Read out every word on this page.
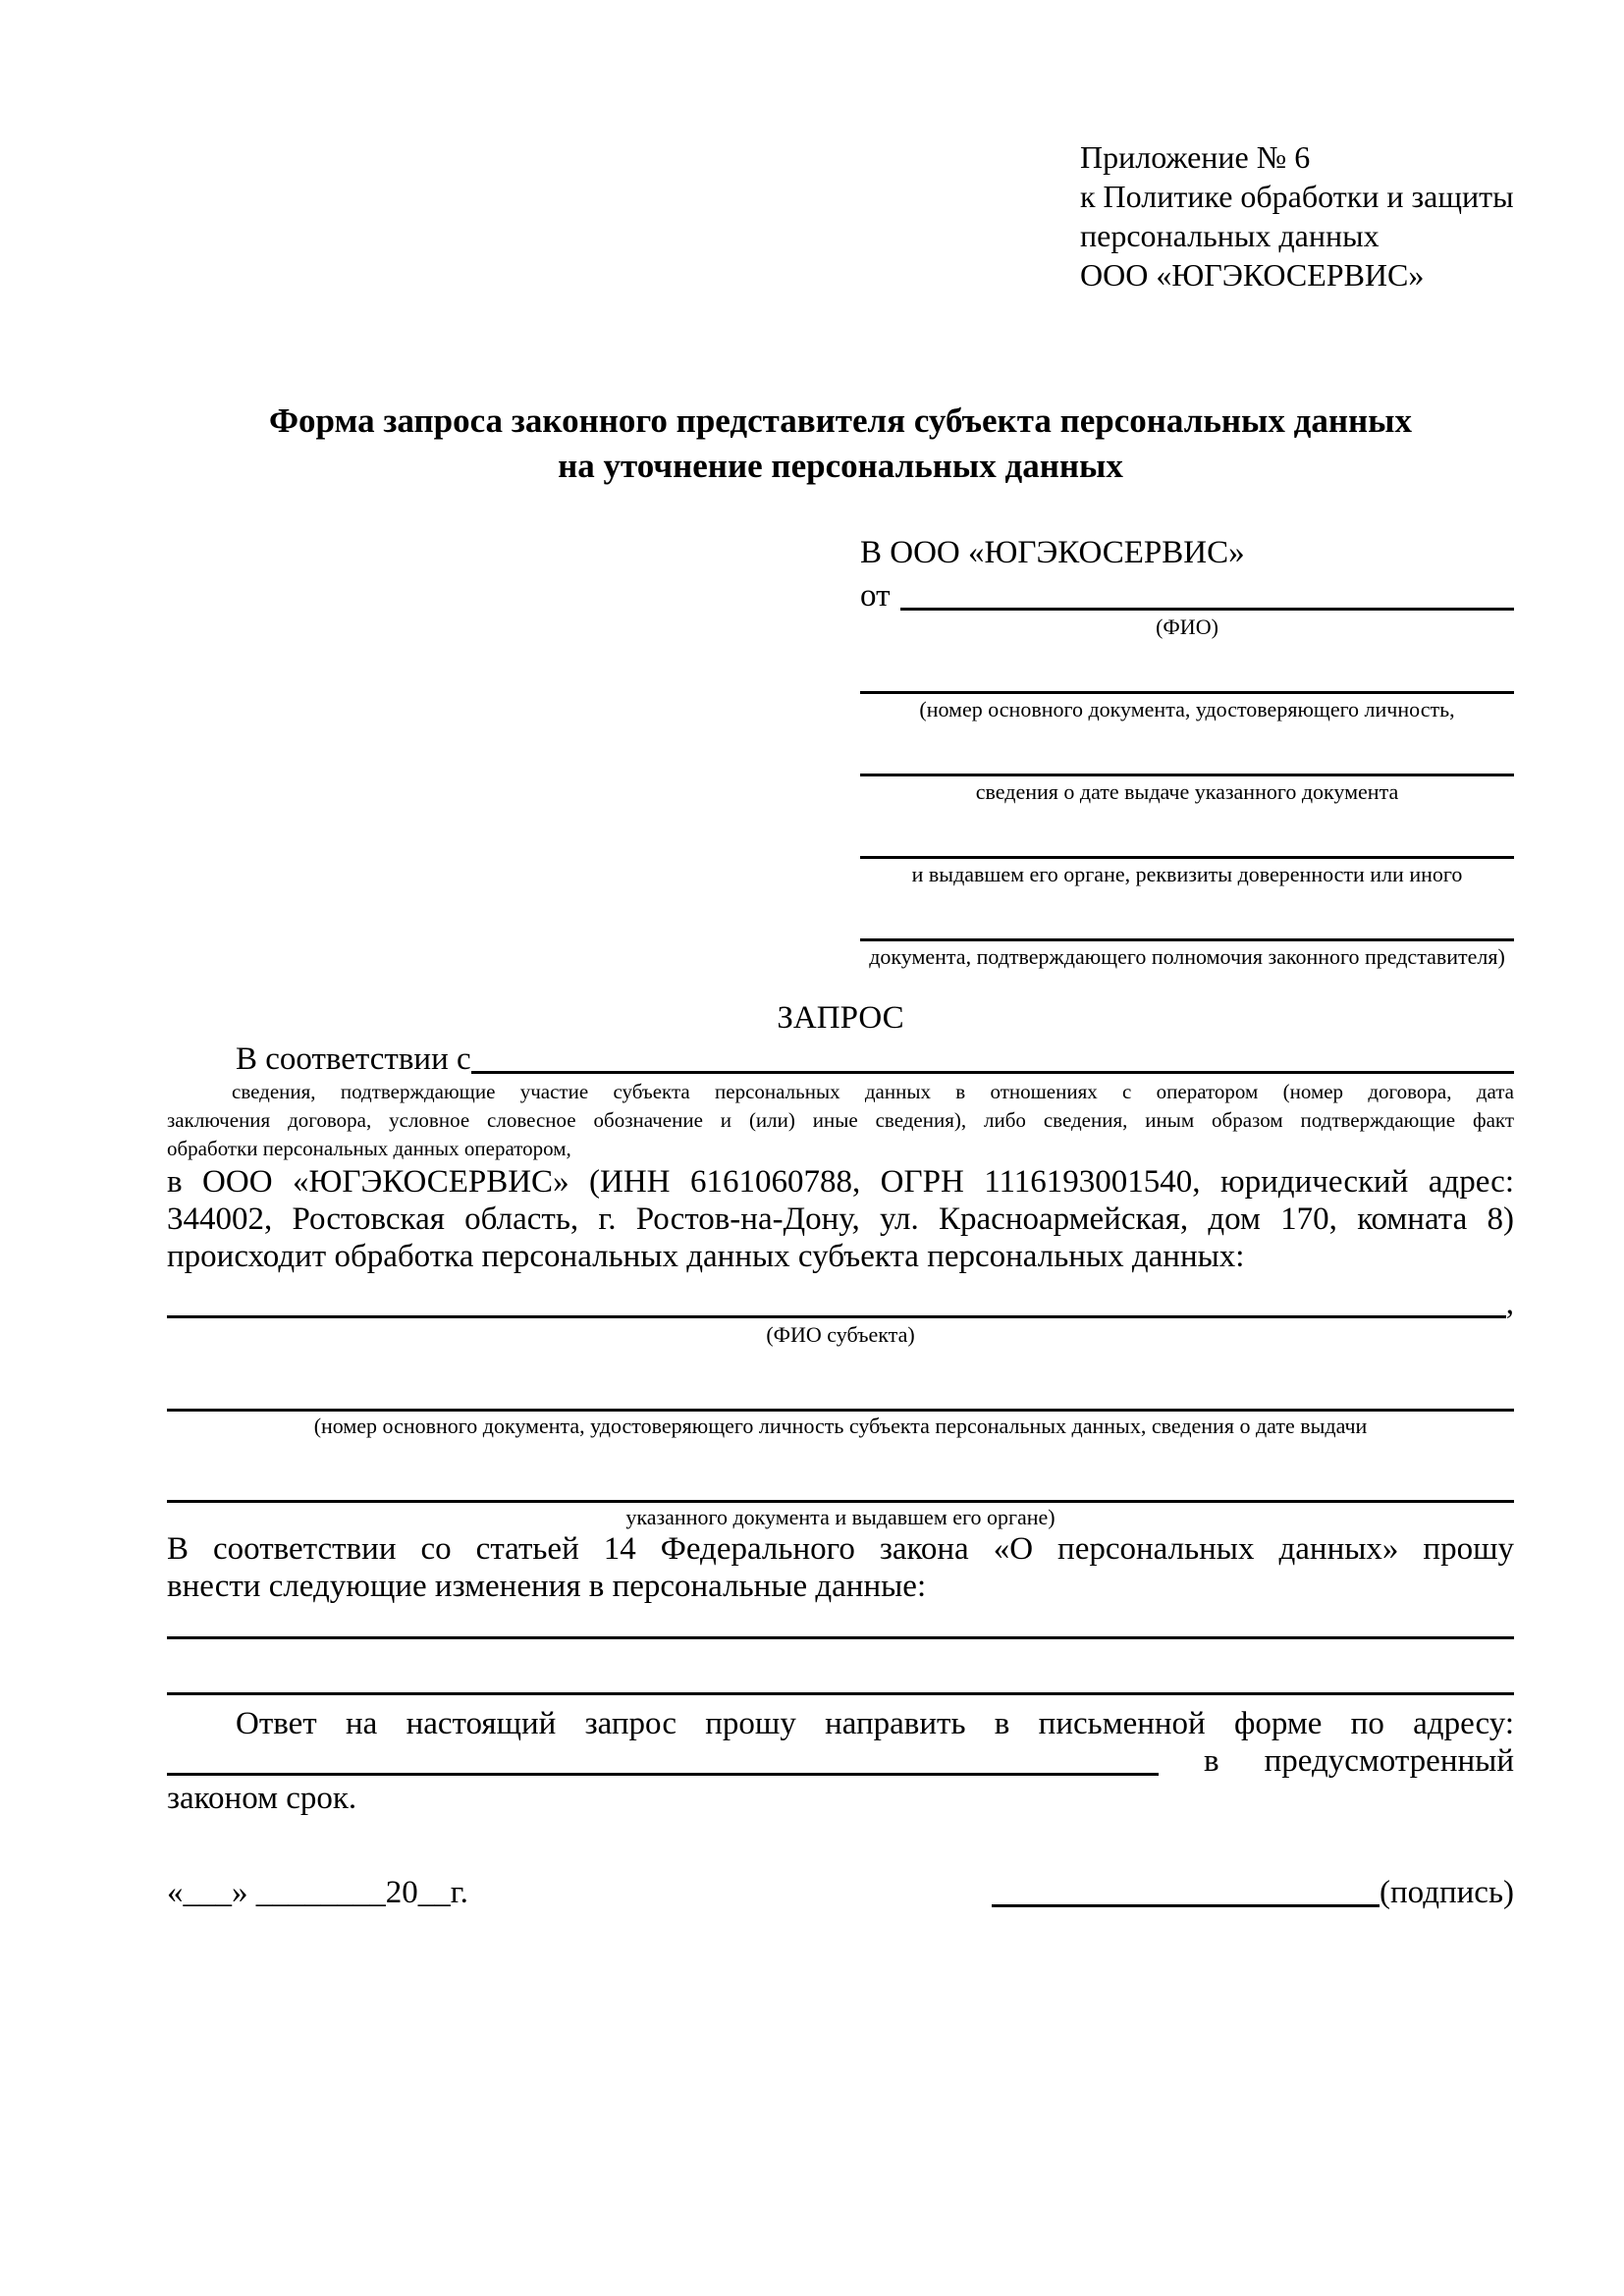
Приложение № 6
к Политике обработки и защиты
персональных данных
ООО «ЮГЭКОСЕРВИС»
Форма запроса законного представителя субъекта персональных данных
на уточнение персональных данных
В ООО «ЮГЭКОСЕРВИС»
от
(ФИО)
(номер основного документа, удостоверяющего личность,
сведения о дате выдаче указанного документа
и выдавшем его органе, реквизиты доверенности или иного
документа, подтверждающего полномочия законного представителя)
ЗАПРОС
В соответствии с

сведения, подтверждающие участие субъекта персональных данных в отношениях с оператором (номер договора, дата

заключения договора, условное словесное обозначение и (или) иные сведения), либо сведения, иным образом подтверждающие факт

обработки персональных данных оператором,

в ООО «ЮГЭКОСЕРВИС» (ИНН 6161060788, ОГРН 1116193001540, юридический адрес:

344002, Ростовская область, г. Ростов-на-Дону, ул. Красноармейская, дом 170, комната 8)

происходит обработка персональных данных субъекта персональных данных:

,
(ФИО субъекта)
(номер основного документа, удостоверяющего личность субъекта персональных данных, сведения о дате выдачи
указанного документа и выдавшем его органе)

В соответствии со статьей 14 Федерального закона «О персональных данных» прошу

внести следующие изменения в персональные данные:

Ответ на настоящий запрос прошу направить в письменной форме по адресу:

в предусмотренный

законом срок.

«___» ________20__г.	(подпись)
